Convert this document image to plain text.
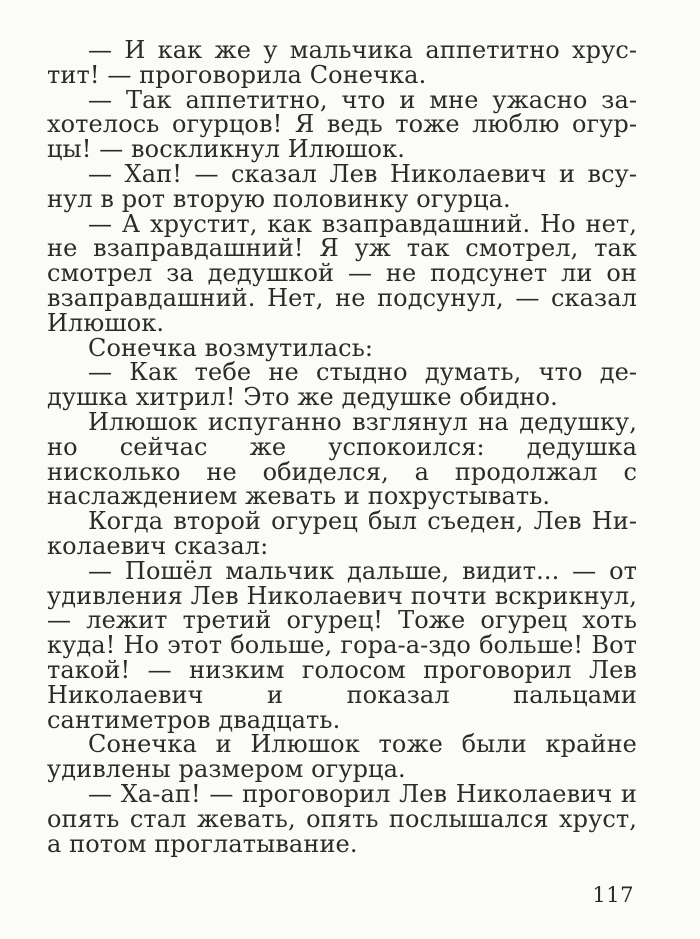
— И как же у мальчика аппетитно хрустит! — проговорила Сонечка.

— Так аппетитно, что и мне ужасно захотелось огурцов! Я ведь тоже люблю огурцы! — воскликнул Илюшок.

— Хап! — сказал Лев Николаевич и всунул в рот вторую половинку огурца.

— А хрустит, как взаправдашний. Но нет, не взаправдашний! Я уж так смотрел, так смотрел за дедушкой — не подсунет ли он взаправдашний. Нет, не подсунул, — сказал Илюшок.

Сонечка возмутилась:

— Как тебе не стыдно думать, что дедушка хитрил! Это же дедушке обидно.

Илюшок испуганно взглянул на дедушку, но сейчас же успокоился: дедушка нисколько не обиделся, а продолжал с наслаждением жевать и похрустывать.

Когда второй огурец был съеден, Лев Николаевич сказал:

— Пошёл мальчик дальше, видит... — от удивления Лев Николаевич почти вскрикнул, — лежит третий огурец! Тоже огурец хоть куда! Но этот больше, гора-а-здо больше! Вот такой! — низким голосом проговорил Лев Николаевич и показал пальцами сантиметров двадцать.

Сонечка и Илюшок тоже были крайне удивлены размером огурца.

— Ха-ап! — проговорил Лев Николаевич и опять стал жевать, опять послышался хруст, а потом проглатывание.

117
